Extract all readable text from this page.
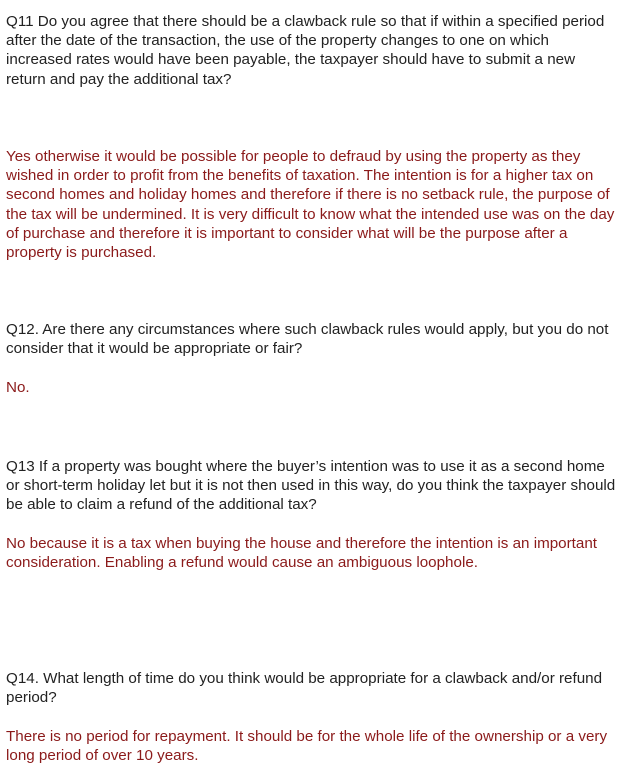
Q11 Do you agree that there should be a clawback rule so that if within a specified period after the date of the transaction, the use of the property changes to one on which increased rates would have been payable, the taxpayer should have to submit a new return and pay the additional tax?

Yes otherwise it would be possible for people to defraud by using the property as they wished in order to profit from the benefits of taxation. The intention is for a higher tax on second homes and holiday homes and therefore if there is no setback rule, the purpose of the tax will be undermined. It is very difficult to know what the intended use was on the day of purchase and therefore it is important to consider what will be the purpose after a property is purchased.

Q12. Are there any circumstances where such clawback rules would apply, but you do not consider that it would be appropriate or fair?

No.

Q13 If a property was bought where the buyer’s intention was to use it as a second home or short-term holiday let but it is not then used in this way, do you think the taxpayer should be able to claim a refund of the additional tax?

No because it is a tax when buying the house and therefore the intention is an important consideration. Enabling a refund would cause an ambiguous loophole.

Q14. What length of time do you think would be appropriate for a clawback and/or refund period?

There is no period for repayment. It should be for the whole life of the ownership or a very long period of over 10 years.
